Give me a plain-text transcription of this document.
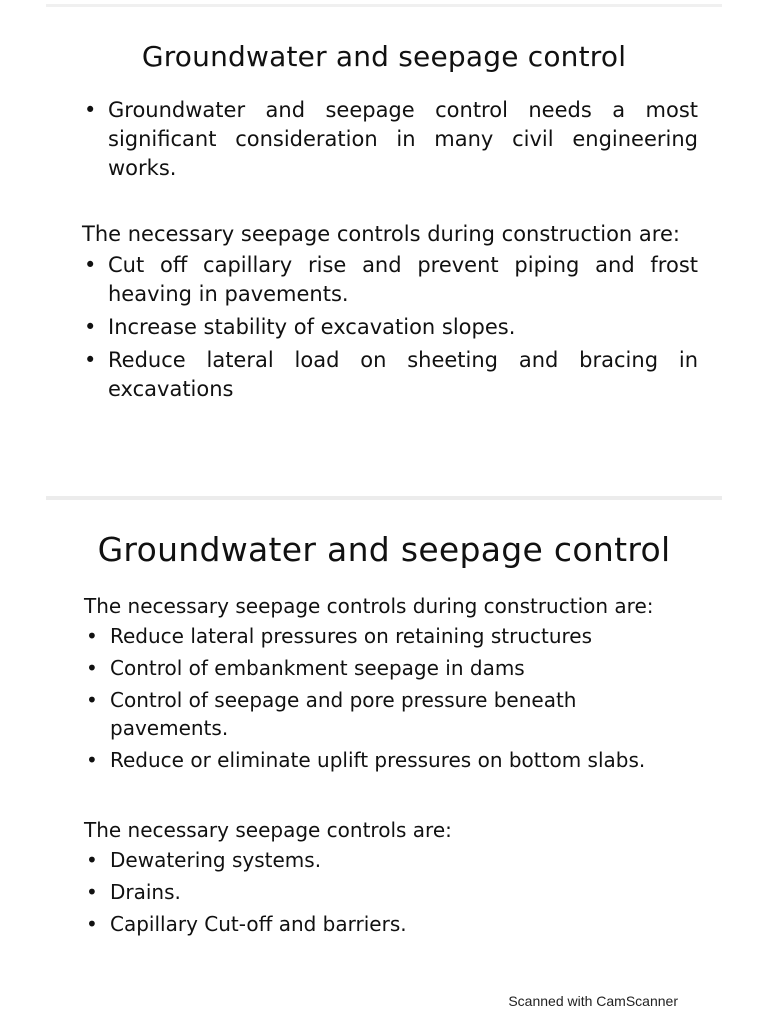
Groundwater and seepage control
• Groundwater and seepage control needs a most significant consideration in many civil engineering works.

The necessary seepage controls during construction are:

• Cut off capillary rise and prevent piping and frost heaving in pavements.
• Increase stability of excavation slopes.
• Reduce lateral load on sheeting and bracing in excavations
Groundwater and seepage control

The necessary seepage controls during construction are:

• Reduce lateral pressures on retaining structures
• Control of embankment seepage in dams
• Control of seepage and pore pressure beneath pavements.
• Reduce or eliminate uplift pressures on bottom slabs.

The necessary seepage controls are:

• Dewatering systems.
• Drains.
• Capillary Cut-off and barriers.
Scanned with CamScanner
